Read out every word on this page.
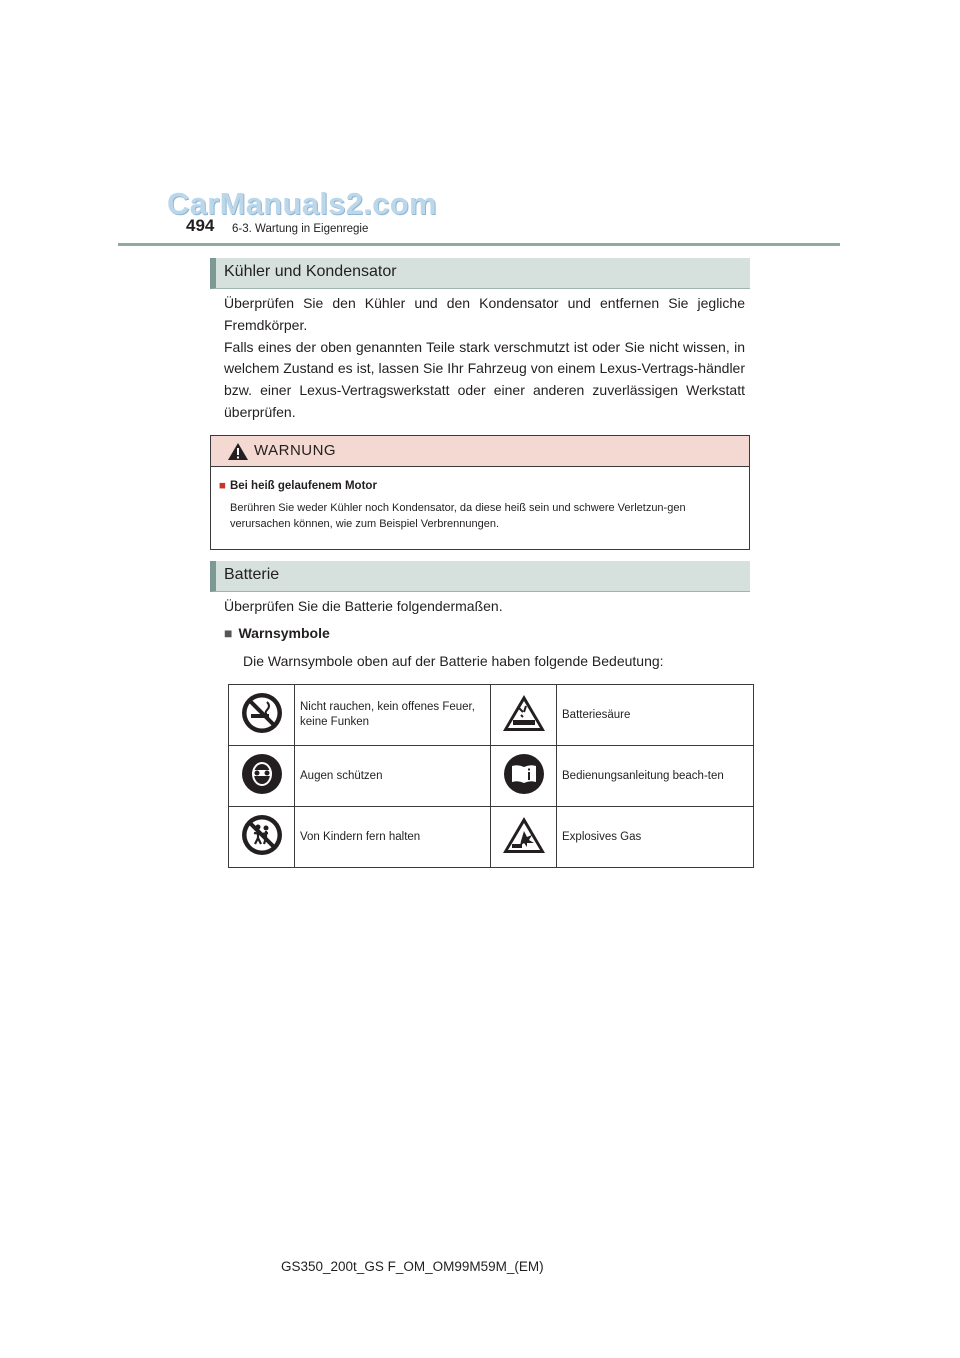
CarManuals2.com
494 6-3. Wartung in Eigenregie
Kühler und Kondensator

Überprüfen Sie den Kühler und den Kondensator und entfernen Sie jegliche Fremdkörper.

Falls eines der oben genannten Teile stark verschmutzt ist oder Sie nicht wissen, in welchem Zustand es ist, lassen Sie Ihr Fahrzeug von einem Lexus-Vertrags-händler bzw. einer Lexus-Vertragswerkstatt oder einer anderen zuverlässigen Werkstatt überprüfen.

WARNUNG
■ Bei heiß gelaufenem Motor
Berühren Sie weder Kühler noch Kondensator, da diese heiß sein und schwere Verletzun-gen verursachen können, wie zum Beispiel Verbrennungen.
Batterie
Überprüfen Sie die Batterie folgendermaßen.
■ Warnsymbole
Die Warnsymbole oben auf der Batterie haben folgende Bedeutung:
	Nicht rauchen, kein offenes Feuer, keine Funken		Batteriesäure
	Augen schützen		Bedienungsanleitung beach-ten
	Von Kindern fern halten		Explosives Gas
GS350_200t_GS F_OM_OM99M59M_(EM)
